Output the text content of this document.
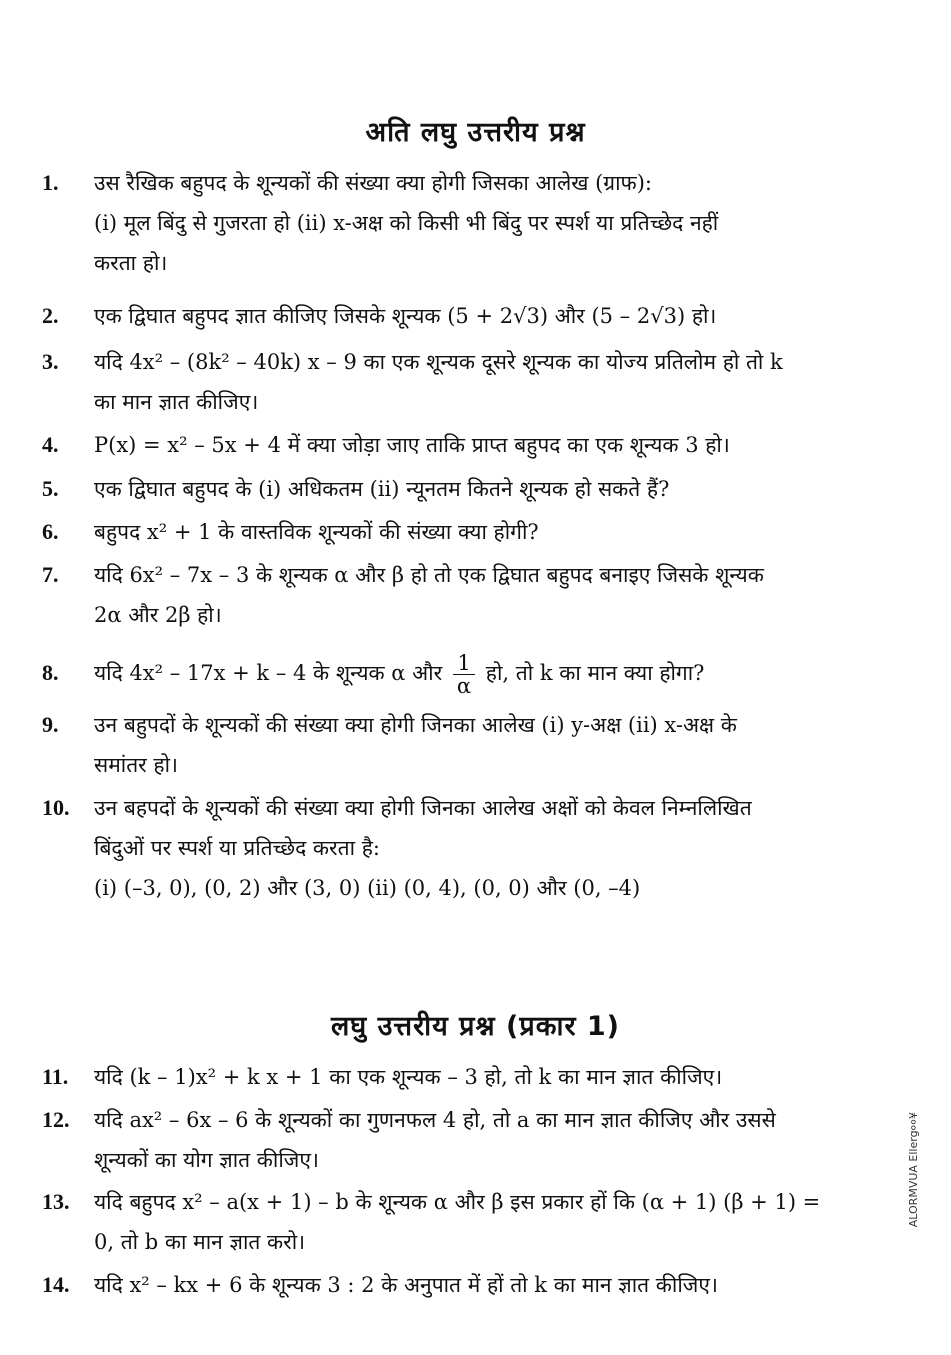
अति लघु उत्तरीय प्रश्न
1.	उस रैखिक बहुपद के शून्यकों की संख्या क्या होगी जिसका आलेख (ग्राफ):
(i) मूल बिंदु से गुजरता हो (ii) x-अक्ष को किसी भी बिंदु पर स्पर्श या प्रतिच्छेद नहीं
करता हो।
2.	एक द्विघात बहुपद ज्ञात कीजिए जिसके शून्यक (5 + 2√3) और (5 – 2√3) हो।
3.	यदि 4x² – (8k² – 40k) x – 9 का एक शून्यक दूसरे शून्यक का योज्य प्रतिलोम हो तो k
का मान ज्ञात कीजिए।
4.	P(x) = x² – 5x + 4 में क्या जोड़ा जाए ताकि प्राप्त बहुपद का एक शून्यक 3 हो।
5.	एक द्विघात बहुपद के (i) अधिकतम (ii) न्यूनतम कितने शून्यक हो सकते हैं?
6.	बहुपद x² + 1 के वास्तविक शून्यकों की संख्या क्या होगी?
7.	यदि 6x² – 7x – 3 के शून्यक α और β हो तो एक द्विघात बहुपद बनाइए जिसके शून्यक
2α और 2β हो।
8.	यदि 4x² – 17x + k – 4 के शून्यक α और $\frac{1}{\alpha}$ हो, तो k का मान क्या होगा?
9.	उन बहुपदों के शून्यकों की संख्या क्या होगी जिनका आलेख (i) y-अक्ष (ii) x-अक्ष के
समांतर हो।
10.	उन बहपदों के शून्यकों की संख्या क्या होगी जिनका आलेख अक्षों को केवल निम्नलिखित
बिंदुओं पर स्पर्श या प्रतिच्छेद करता है:
(i) (–3, 0), (0, 2) और (3, 0) (ii) (0, 4), (0, 0) और (0, –4)
लघु उत्तरीय प्रश्न (प्रकार 1)
11.	यदि (k – 1)x² + k x + 1 का एक शून्यक – 3 हो, तो k का मान ज्ञात कीजिए।
12.	यदि ax² – 6x – 6 के शून्यकों का गुणनफल 4 हो, तो a का मान ज्ञात कीजिए और उससे
शून्यकों का योग ज्ञात कीजिए।
13.	यदि बहुपद x² – a(x + 1) – b के शून्यक α और β इस प्रकार हों कि (α + 1) (β + 1) =
0, तो b का मान ज्ञात करो।
14.	यदि x² – kx + 6 के शून्यक 3 : 2 के अनुपात में हों तो k का मान ज्ञात कीजिए।
ALORMVUA Ellerg००¥
